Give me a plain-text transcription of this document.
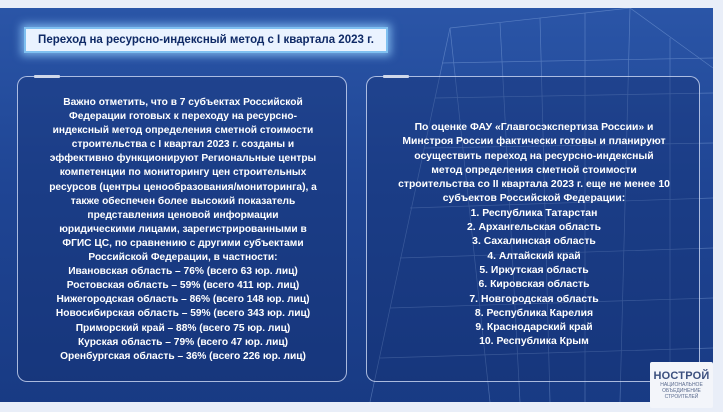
Переход на ресурсно-индексный метод с I квартала 2023 г.
Важно отметить, что в 7 субъектах Российской
Федерации готовых к переходу на ресурсно-
индексный метод определения сметной стоимости
строительства с I квартал 2023 г. созданы и
эффективно функционируют Региональные центры
компетенции по мониторингу цен строительных
ресурсов (центры ценообразования/мониторинга), а
также обеспечен более высокий показатель
представления ценовой информации
юридическими лицами, зарегистрированными в
ФГИС ЦС, по сравнению с другими субъектами
Российской Федерации, в частности:
Ивановская область – 76% (всего 63 юр. лиц)
Ростовская область – 59% (всего 411 юр. лиц)
Нижегородская область – 86% (всего 148 юр. лиц)
Новосибирская область – 59% (всего 343 юр. лиц)
Приморский край – 88% (всего 75 юр. лиц)
Курская область – 79% (всего 47 юр. лиц)
Оренбургская область – 36% (всего 226 юр. лиц)
По оценке ФАУ «Главгосэкспертиза России» и
Минстроя России фактически готовы и планируют
осуществить переход на ресурсно-индексный
метод определения сметной стоимости
строительства со II квартала 2023 г. еще не менее 10
субъектов Российской Федерации:
1. Республика Татарстан
2. Архангельская область
3. Сахалинская область
4. Алтайский край
5. Иркутская область
6. Кировская область
7. Новгородская область
8. Республика Карелия
9. Краснодарский край
10. Республика Крым
НОСТРОЙ
НАЦИОНАЛЬНОЕ ОБЪЕДИНЕНИЕ СТРОИТЕЛЕЙ
